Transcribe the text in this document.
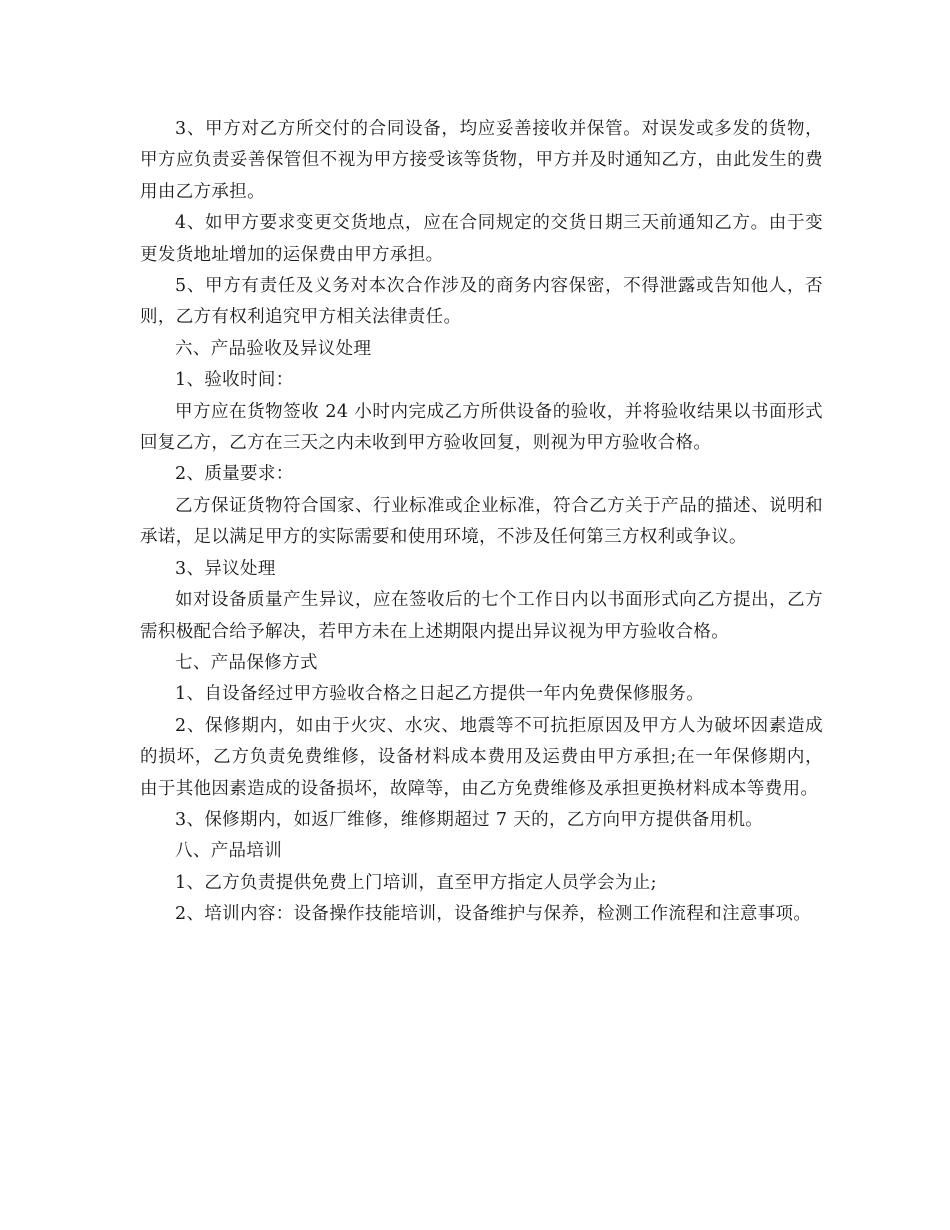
3、甲方对乙方所交付的合同设备，均应妥善接收并保管。对误发或多发的货物，甲方应负责妥善保管但不视为甲方接受该等货物，甲方并及时通知乙方，由此发生的费用由乙方承担。

4、如甲方要求变更交货地点，应在合同规定的交货日期三天前通知乙方。由于变更发货地址增加的运保费由甲方承担。

5、甲方有责任及义务对本次合作涉及的商务内容保密，不得泄露或告知他人，否则，乙方有权利追究甲方相关法律责任。

六、产品验收及异议处理

1、验收时间：

甲方应在货物签收 24 小时内完成乙方所供设备的验收，并将验收结果以书面形式回复乙方，乙方在三天之内未收到甲方验收回复，则视为甲方验收合格。

2、质量要求：

乙方保证货物符合国家、行业标准或企业标准，符合乙方关于产品的描述、说明和承诺，足以满足甲方的实际需要和使用环境，不涉及任何第三方权利或争议。

3、异议处理

如对设备质量产生异议，应在签收后的七个工作日内以书面形式向乙方提出，乙方需积极配合给予解决，若甲方未在上述期限内提出异议视为甲方验收合格。

七、产品保修方式

1、自设备经过甲方验收合格之日起乙方提供一年内免费保修服务。

2、保修期内，如由于火灾、水灾、地震等不可抗拒原因及甲方人为破坏因素造成的损坏，乙方负责免费维修，设备材料成本费用及运费由甲方承担;在一年保修期内，由于其他因素造成的设备损坏，故障等，由乙方免费维修及承担更换材料成本等费用。

3、保修期内，如返厂维修，维修期超过 7 天的，乙方向甲方提供备用机。

八、产品培训

1、乙方负责提供免费上门培训，直至甲方指定人员学会为止;

2、培训内容：设备操作技能培训，设备维护与保养，检测工作流程和注意事项。
